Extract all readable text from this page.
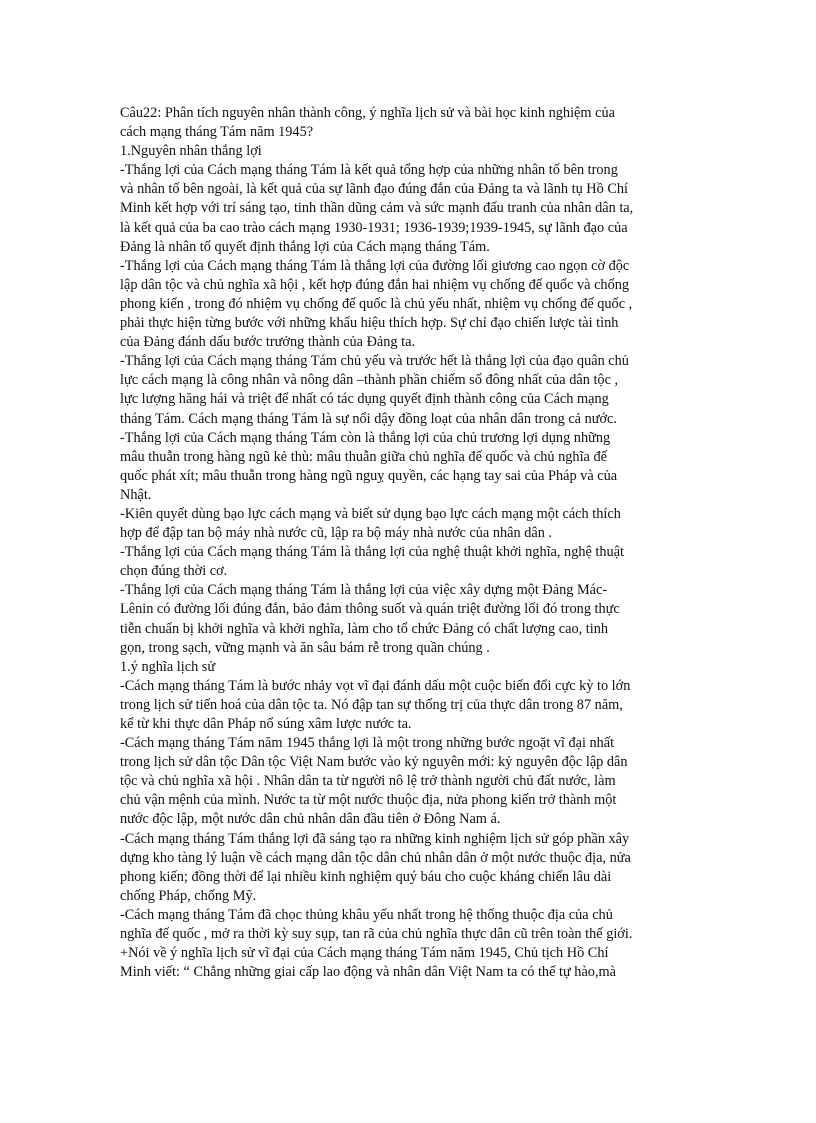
Câu22: Phân tích nguyên nhân thành công, ý nghĩa lịch sử và bài học kinh nghiệm của
cách mạng tháng Tám năm 1945?
1.Nguyên nhân thắng lợi
-Thắng lợi của Cách mạng tháng Tám là kết quả tổng hợp của những nhân tố bên trong
và nhân tố bên ngoài, là kết quả của sự lãnh đạo đúng đắn của Đảng ta và lãnh tụ Hồ Chí
Minh kết hợp với trí sáng tạo, tinh thần dũng cảm và sức mạnh đấu tranh của nhân dân ta,
là kết quả của ba cao trào cách mạng 1930-1931; 1936-1939;1939-1945, sự lãnh đạo của
Đảng là nhân tố quyết định thắng lợi của Cách mạng tháng Tám.
-Thắng lợi của Cách mạng tháng Tám là thắng lợi của đường lối giương cao ngọn cờ độc
lập dân tộc và chủ nghĩa xã hội , kết hợp đúng đắn hai nhiệm vụ chống đế quốc và chống
phong kiến , trong đó nhiệm vụ chống đế quốc là chủ yếu nhất, nhiệm vụ chống đế quốc ,
phải thực hiện từng bước với những khẩu hiệu thích hợp. Sự chỉ đạo chiến lược tài tình
của Đảng đánh dấu bước trưởng thành của Đảng ta.
-Thắng lợi của Cách mạng tháng Tám chủ yếu và trước hết là thắng lợi của đạo quân chủ
lực cách mạng là công nhân và nông dân –thành phần chiếm số đông nhất của dân tộc ,
lực lượng hăng hái và triệt để nhất có tác dụng quyết định thành công của Cách mạng
tháng Tám. Cách mạng tháng Tám là sự nổi dậy đồng loạt của nhân dân trong cả nước.
-Thắng lợi của Cách mạng tháng Tám còn là thắng lợi của chủ trương lợi dụng những
mâu thuẫn trong hàng ngũ kẻ thù: mâu thuẫn giữa chủ nghĩa đế quốc và chủ nghĩa đế
quốc phát xít; mâu thuẫn trong hàng ngũ nguỵ quyền, các hạng tay sai của Pháp và của
Nhật.
-Kiên quyết dùng bạo lực cách mạng và biết sử dụng bạo lực cách mạng một cách thích
hợp để đập tan bộ máy nhà nước cũ, lập ra bộ máy nhà nước của nhân dân .
-Thắng lợi của Cách mạng tháng Tám là thắng lợi của nghệ thuật khởi nghĩa, nghệ thuật
chọn đúng thời cơ.
-Thắng lợi của Cách mạng tháng Tám là thắng lợi của việc xây dựng một Đảng Mác-
Lênin có đường lối đúng đắn, bảo đảm thông suốt và quán triệt đường lối đó trong thực
tiễn chuẩn bị khởi nghĩa và khởi nghĩa, làm cho tổ chức Đảng có chất lượng cao, tinh
gọn, trong sạch, vững mạnh và ăn sâu bám rễ trong quần chúng .
1.ý nghĩa lịch sử
-Cách mạng tháng Tám là bước nhảy vọt vĩ đại đánh dấu một cuộc biến đổi cực kỳ to lớn
trong lịch sử tiến hoá của dân tộc ta. Nó đập tan sự thống trị của thực dân trong 87 năm,
kể từ khi thực dân Pháp nổ súng xâm lược nước ta.
-Cách mạng tháng Tám năm 1945 thắng lợi là một trong những bước ngoặt vĩ đại nhất
trong lịch sử dân tộc Dân tộc Việt Nam bước vào kỷ nguyên mới: kỷ nguyên độc lập dân
tộc và chủ nghĩa xã hội . Nhân dân ta từ người nô lệ trở thành người chủ đất nước, làm
chủ vận mệnh của mình. Nước ta từ một nước thuộc địa, nửa phong kiến trở thành một
nước độc lập, một nước dân chủ nhân dân đầu tiên ở Đông Nam á.
-Cách mạng tháng Tám thắng lợi đã sáng tạo ra những kinh nghiệm lịch sử góp phần xây
dựng kho tàng lý luận về cách mạng dân tộc dân chủ nhân dân ở một nước thuộc địa, nửa
phong kiến; đồng thời để lại nhiều kinh nghiệm quý báu cho cuộc kháng chiến lâu dài
chống Pháp, chống Mỹ.
-Cách mạng tháng Tám đã chọc thủng khâu yếu nhất trong hệ thống thuộc địa của chủ
nghĩa đế quốc , mở ra thời kỳ suy sụp, tan rã của chủ nghĩa thực dân cũ trên toàn thế giới.
+Nói về ý nghĩa lịch sử vĩ đại của Cách mạng tháng Tám năm 1945, Chủ tịch Hồ Chí
Minh viết: “ Chẳng những giai cấp lao động và nhân dân Việt Nam ta có thể tự hào,mà
